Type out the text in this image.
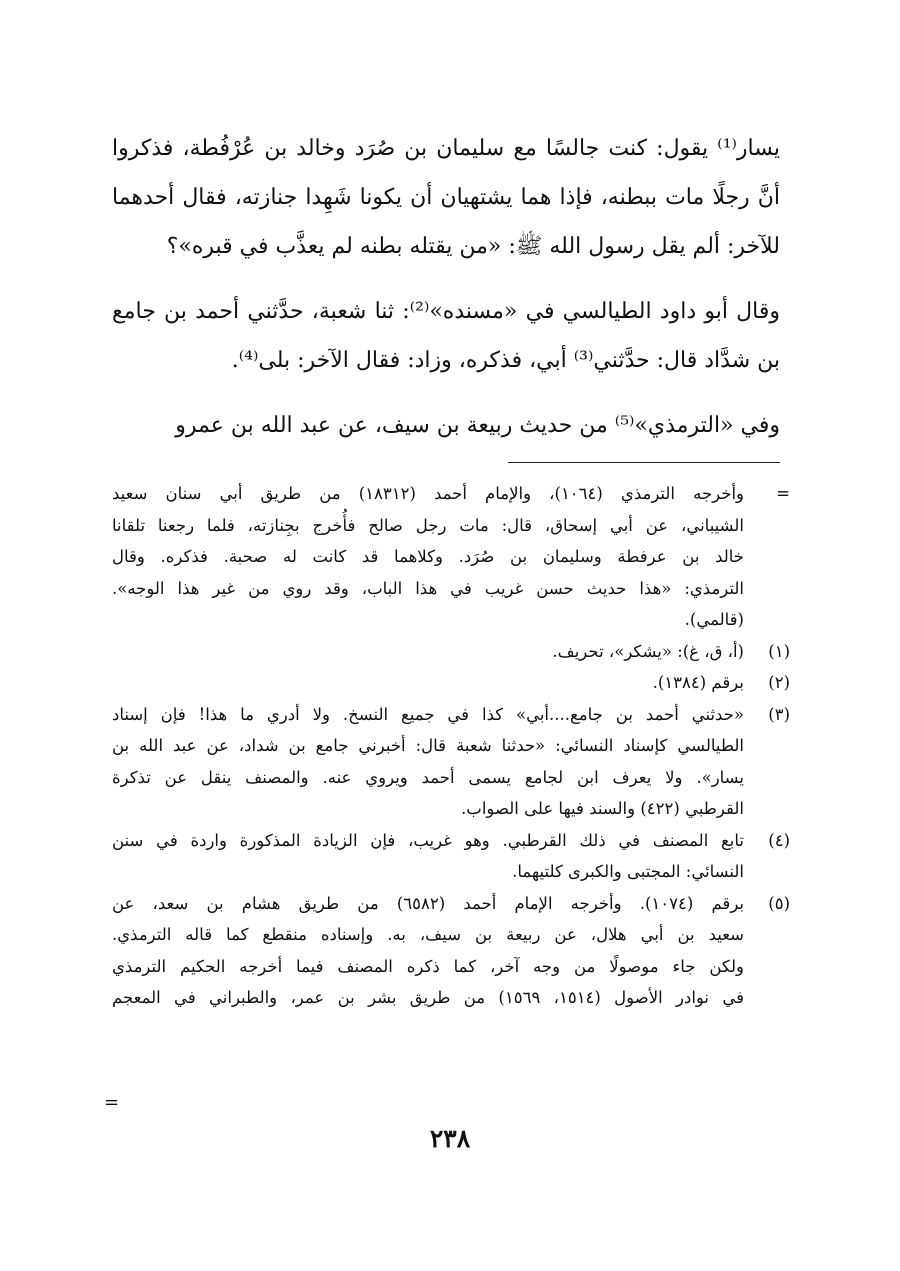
يسار⁽¹⁾ يقول: كنت جالسًا مع سليمان بن صُرَد وخالد بن عُرْفُطة، فذكروا أنَّ رجلًا مات ببطنه، فإذا هما يشتهيان أن يكونا شَهِدا جنازته، فقال أحدهما للآخر: ألم يقل رسول الله ﷺ: «من يقتله بطنه لم يعذَّب في قبره»؟

وقال أبو داود الطيالسي في «مسنده»⁽²⁾: ثنا شعبة، حدَّثني أحمد بن جامع بن شدَّاد قال: حدَّثني⁽³⁾ أبي، فذكره، وزاد: فقال الآخر: بلى⁽⁴⁾.

وفي «الترمذي»⁽⁵⁾ من حديث ربيعة بن سيف، عن عبد الله بن عمرو

=
وأخرجه الترمذي (١٠٦٤)، والإمام أحمد (١٨٣١٢) من طريق أبي سنان سعيد
الشيباني، عن أبي إسحاق، قال: مات رجل صالح فأُخرج بجِنازته، فلما رجعنا تلقانا
خالد بن عرفطة وسليمان بن صُرَد. وكلاهما قد كانت له صحبة. فذكره. وقال
الترمذي: «هذا حديث حسن غريب في هذا الباب، وقد روي من غير هذا الوجه».
(قالمي).
(١)
(أ، ق، غ): «يشكر»، تحريف.
(٢)
برقم (١٣٨٤).
(٣)
«حدثني أحمد بن جامع....أبي» كذا في جميع النسخ. ولا أدري ما هذا! فإن إسناد
الطيالسي كإسناد النسائي: «حدثنا شعبة قال: أخبرني جامع بن شداد، عن عبد الله بن
يسار». ولا يعرف ابن لجامع يسمى أحمد ويروي عنه. والمصنف ينقل عن تذكرة
القرطبي (٤٢٢) والسند فيها على الصواب.
(٤)
تابع المصنف في ذلك القرطبي. وهو غريب، فإن الزيادة المذكورة واردة في سنن
النسائي: المجتبى والكبرى كلتيهما.
(٥)
برقم (١٠٧٤). وأخرجه الإمام أحمد (٦٥٨٢) من طريق هشام بن سعد، عن
سعيد بن أبي هلال، عن ربيعة بن سيف، به. وإسناده منقطع كما قاله الترمذي.
ولكن جاء موصولًا من وجه آخر، كما ذكره المصنف فيما أخرجه الحكيم الترمذي
في نوادر الأصول (١٥١٤، ١٥٦٩) من طريق بشر بن عمر، والطبراني في المعجم
=
٢٣٨
